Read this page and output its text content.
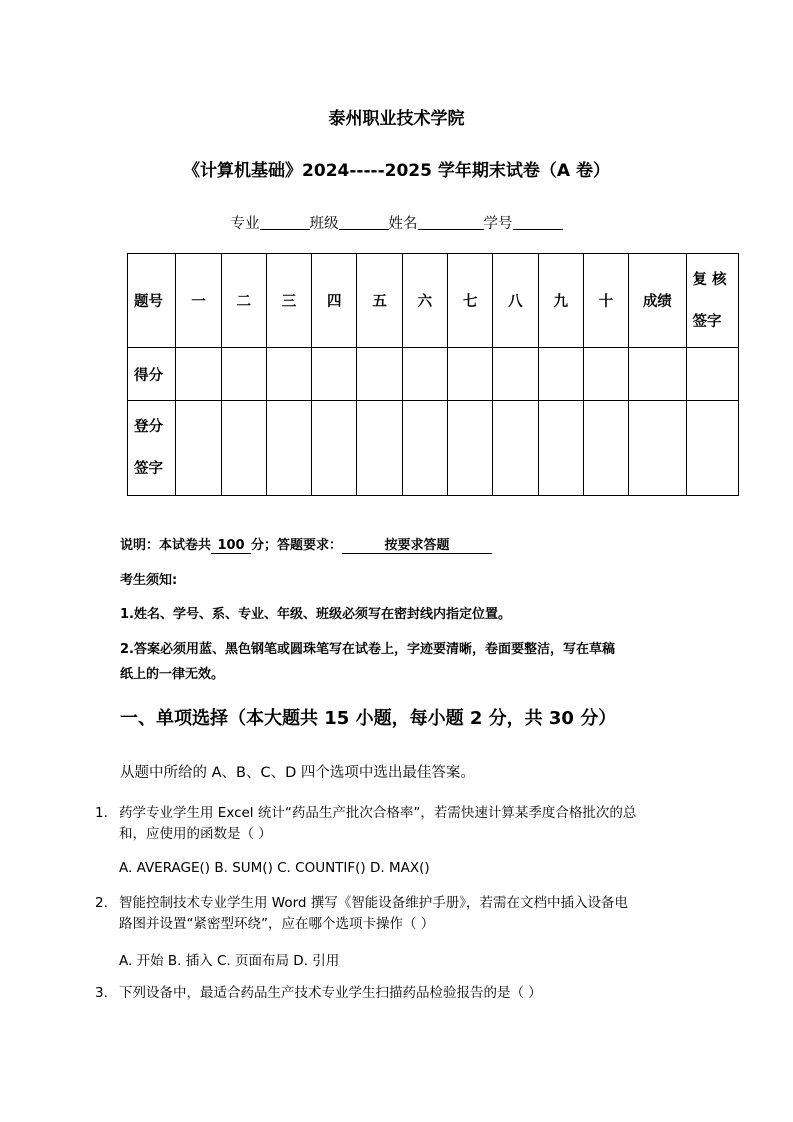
泰州职业技术学院
《计算机基础》2024-----2025 学年期末试卷（A 卷）
专业	班级	姓名	学号
题号	一	二	三	四	五	六	七	八	九	十	成绩	复 核
签字

得分												

登分
签字												

说明：本试卷共 100 分；答题要求：	按要求答题
考生须知:
1.姓名、学号、系、专业、年级、班级必须写在密封线内指定位置。
2.答案必须用蓝、黑色钢笔或圆珠笔写在试卷上，字迹要清晰，卷面要整洁，写在草稿
纸上的一律无效。
一、单项选择（本大题共 15 小题，每小题 2 分，共 30 分）
从题中所给的 A、B、C、D 四个选项中选出最佳答案。
1. 药学专业学生用 Excel 统计“药品生产批次合格率”，若需快速计算某季度合格批次的总
和，应使用的函数是（ ）
A. AVERAGE() B. SUM() C. COUNTIF() D. MAX()
2. 智能控制技术专业学生用 Word 撰写《智能设备维护手册》，若需在文档中插入设备电
路图并设置“紧密型环绕”，应在哪个选项卡操作（ ）
A. 开始 B. 插入 C. 页面布局 D. 引用
3. 下列设备中，最适合药品生产技术专业学生扫描药品检验报告的是（ ）
